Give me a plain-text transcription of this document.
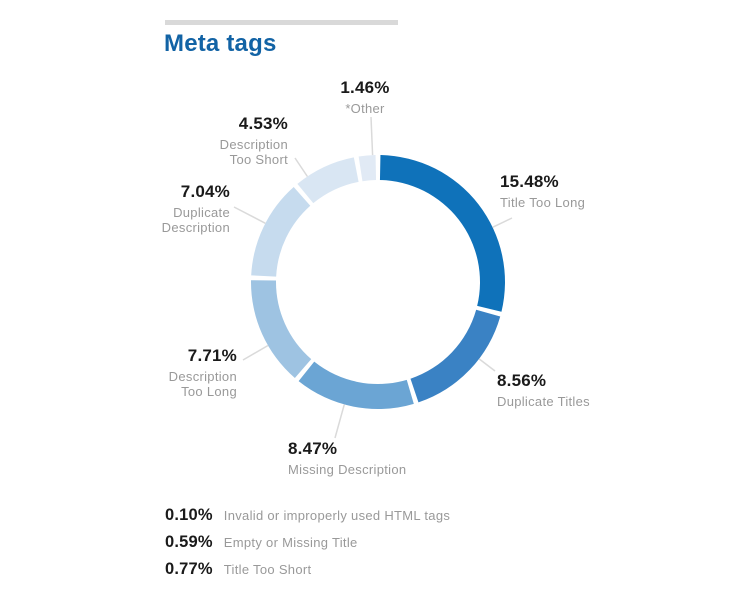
Meta tags
15.48%
Title Too Long
8.56%
Duplicate Titles
8.47%
Missing Description
7.71%
Description Too Long
7.04%
Duplicate Description
4.53%
Description Too Short
1.46%
*Other
0.10% Invalid or improperly used HTML tags
0.59% Empty or Missing Title
0.77% Title Too Short
